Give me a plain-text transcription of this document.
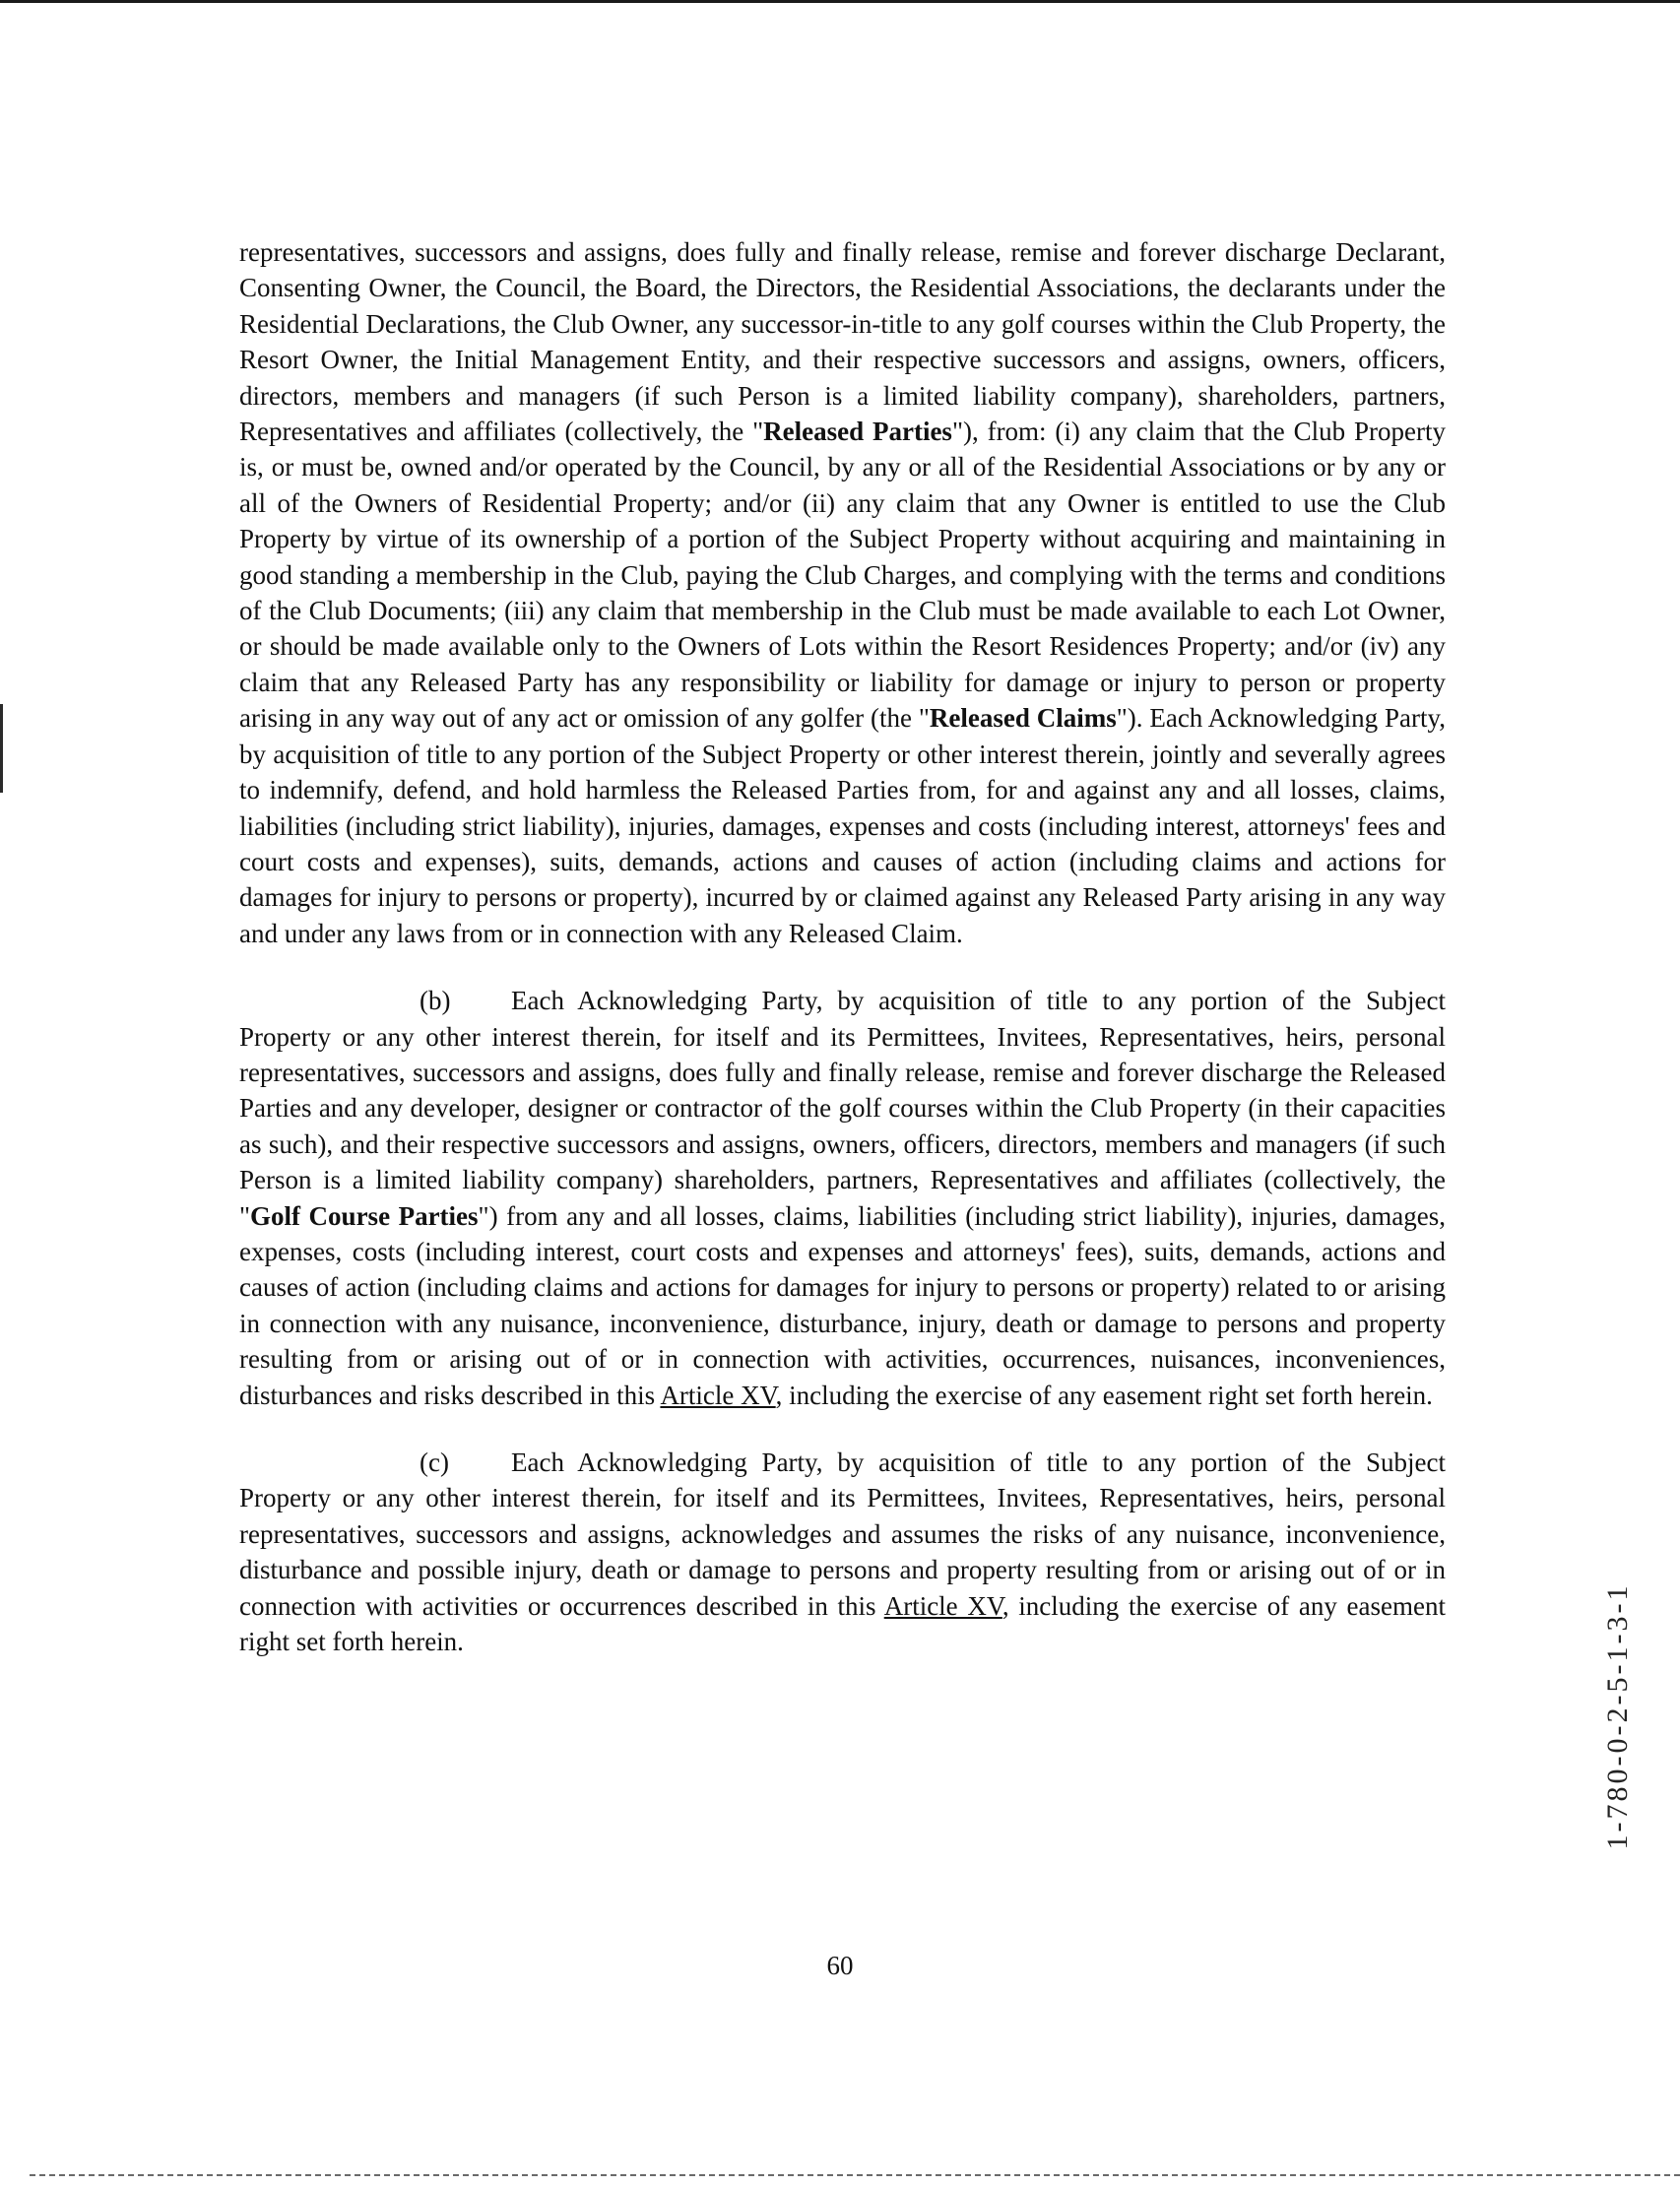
representatives, successors and assigns, does fully and finally release, remise and forever discharge Declarant, Consenting Owner, the Council, the Board, the Directors, the Residential Associations, the declarants under the Residential Declarations, the Club Owner, any successor-in-title to any golf courses within the Club Property, the Resort Owner, the Initial Management Entity, and their respective successors and assigns, owners, officers, directors, members and managers (if such Person is a limited liability company), shareholders, partners, Representatives and affiliates (collectively, the "Released Parties"), from: (i) any claim that the Club Property is, or must be, owned and/or operated by the Council, by any or all of the Residential Associations or by any or all of the Owners of Residential Property; and/or (ii) any claim that any Owner is entitled to use the Club Property by virtue of its ownership of a portion of the Subject Property without acquiring and maintaining in good standing a membership in the Club, paying the Club Charges, and complying with the terms and conditions of the Club Documents; (iii) any claim that membership in the Club must be made available to each Lot Owner, or should be made available only to the Owners of Lots within the Resort Residences Property; and/or (iv) any claim that any Released Party has any responsibility or liability for damage or injury to person or property arising in any way out of any act or omission of any golfer (the "Released Claims"). Each Acknowledging Party, by acquisition of title to any portion of the Subject Property or other interest therein, jointly and severally agrees to indemnify, defend, and hold harmless the Released Parties from, for and against any and all losses, claims, liabilities (including strict liability), injuries, damages, expenses and costs (including interest, attorneys' fees and court costs and expenses), suits, demands, actions and causes of action (including claims and actions for damages for injury to persons or property), incurred by or claimed against any Released Party arising in any way and under any laws from or in connection with any Released Claim.

(b) Each Acknowledging Party, by acquisition of title to any portion of the Subject Property or any other interest therein, for itself and its Permittees, Invitees, Representatives, heirs, personal representatives, successors and assigns, does fully and finally release, remise and forever discharge the Released Parties and any developer, designer or contractor of the golf courses within the Club Property (in their capacities as such), and their respective successors and assigns, owners, officers, directors, members and managers (if such Person is a limited liability company) shareholders, partners, Representatives and affiliates (collectively, the "Golf Course Parties") from any and all losses, claims, liabilities (including strict liability), injuries, damages, expenses, costs (including interest, court costs and expenses and attorneys' fees), suits, demands, actions and causes of action (including claims and actions for damages for injury to persons or property) related to or arising in connection with any nuisance, inconvenience, disturbance, injury, death or damage to persons and property resulting from or arising out of or in connection with activities, occurrences, nuisances, inconveniences, disturbances and risks described in this Article XV, including the exercise of any easement right set forth herein.

(c) Each Acknowledging Party, by acquisition of title to any portion of the Subject Property or any other interest therein, for itself and its Permittees, Invitees, Representatives, heirs, personal representatives, successors and assigns, acknowledges and assumes the risks of any nuisance, inconvenience, disturbance and possible injury, death or damage to persons and property resulting from or arising out of or in connection with activities or occurrences described in this Article XV, including the exercise of any easement right set forth herein.

60
1-780-0-2-5-1-3-1
